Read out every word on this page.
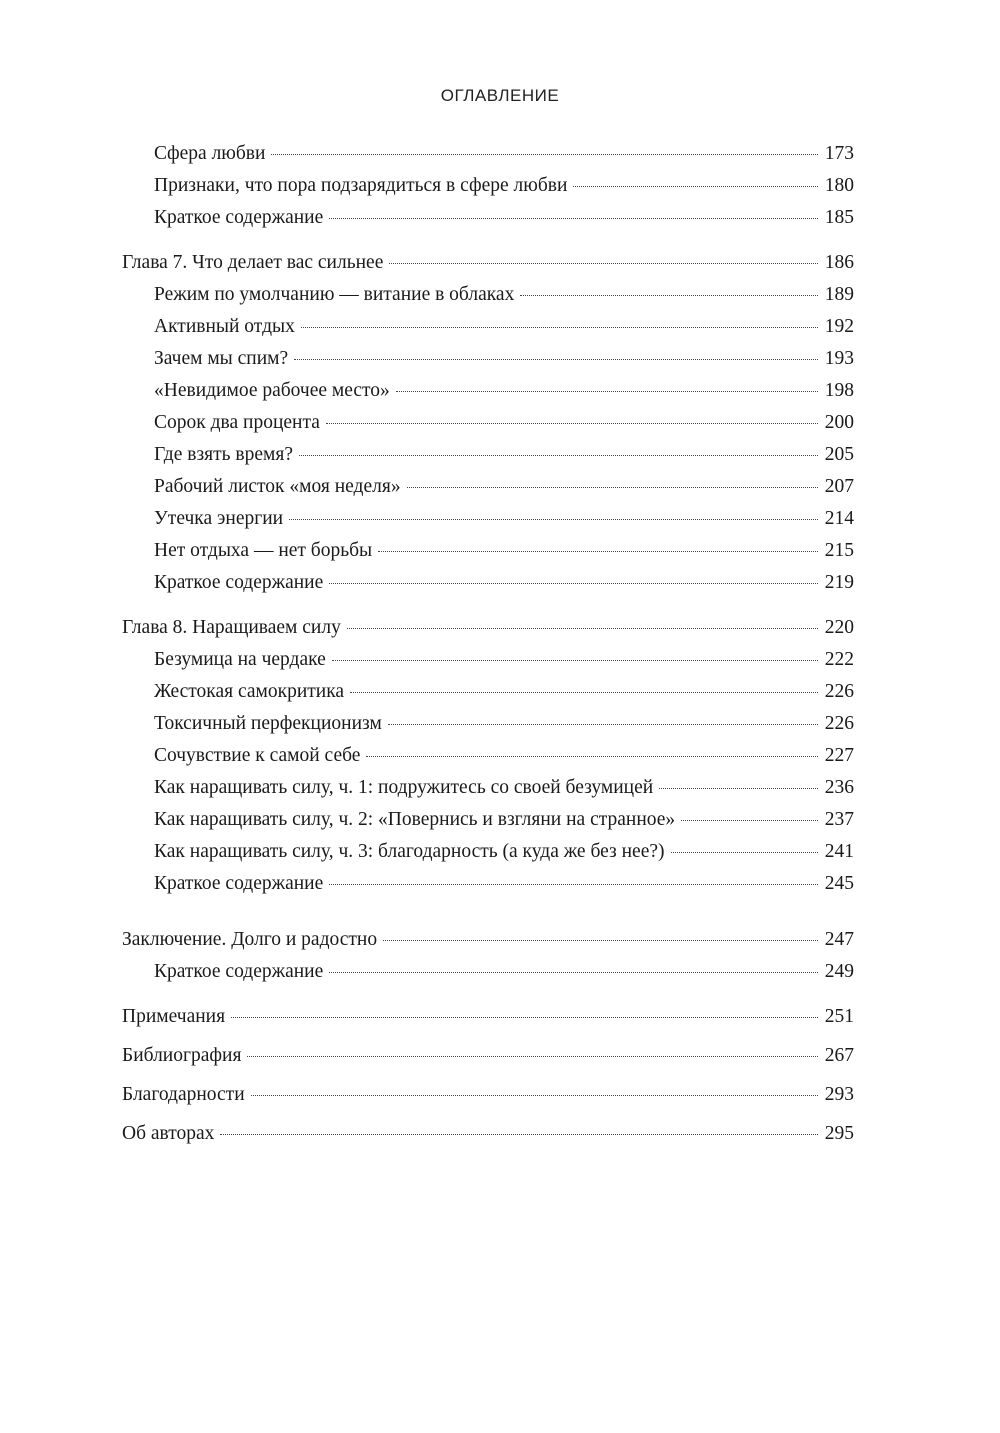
ОГЛАВЛЕНИЕ
Сфера любви	173
Признаки, что пора подзарядиться в сфере любви	180
Краткое содержание	185
Глава 7. Что делает вас сильнее	186
Режим по умолчанию — витание в облаках	189
Активный отдых	192
Зачем мы спим?	193
«Невидимое рабочее место»	198
Сорок два процента	200
Где взять время?	205
Рабочий листок «моя неделя»	207
Утечка энергии	214
Нет отдыха — нет борьбы	215
Краткое содержание	219
Глава 8. Наращиваем силу	220
Безумица на чердаке	222
Жестокая самокритика	226
Токсичный перфекционизм	226
Сочувствие к самой себе	227
Как наращивать силу, ч. 1: подружитесь со своей безумицей	236
Как наращивать силу, ч. 2: «Повернись и взгляни на странное»	237
Как наращивать силу, ч. 3: благодарность (а куда же без нее?)	241
Краткое содержание	245
Заключение. Долго и радостно	247
Краткое содержание	249
Примечания	251
Библиография	267
Благодарности	293
Об авторах	295
